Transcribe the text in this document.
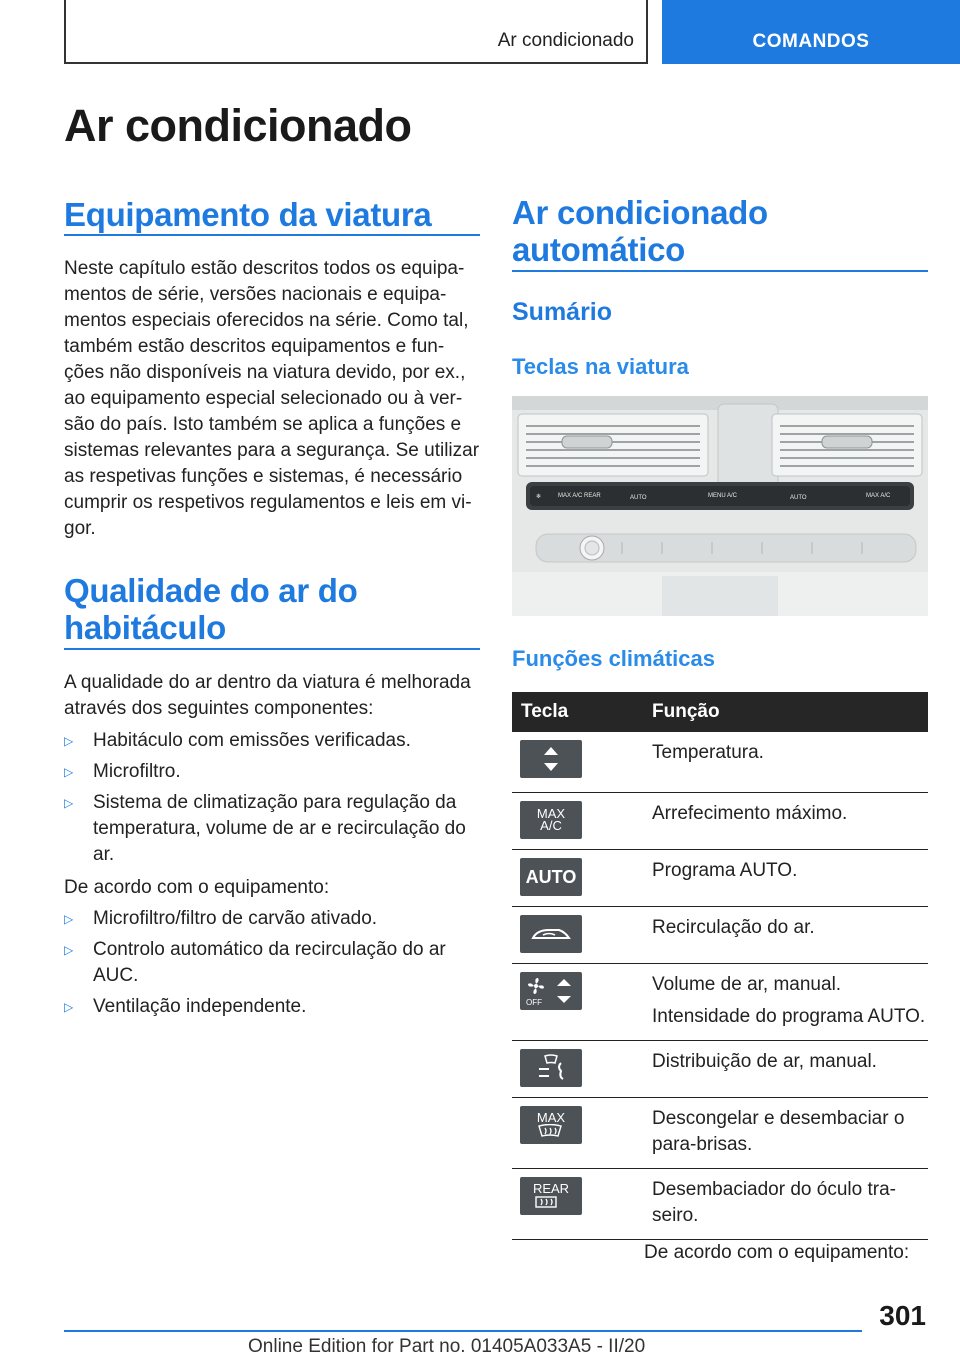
Ar condicionado	COMANDOS
Ar condicionado
Equipamento da viatura
Neste capítulo estão descritos todos os equipa-
mentos de série, versões nacionais e equipa-
mentos especiais oferecidos na série. Como tal,
também estão descritos equipamentos e fun-
ções não disponíveis na viatura devido, por ex.,
ao equipamento especial selecionado ou à ver-
são do país. Isto também se aplica a funções e
sistemas relevantes para a segurança. Se utilizar
as respetivas funções e sistemas, é necessário
cumprir os respetivos regulamentos e leis em vi-
gor.
Qualidade do ar do
habitáculo
A qualidade do ar dentro da viatura é melhorada
através dos seguintes componentes:
▷ Habitáculo com emissões verificadas.
▷ Microfiltro.
▷ Sistema de climatização para regulação da
temperatura, volume de ar e recirculação do
ar.
De acordo com o equipamento:
▷ Microfiltro/filtro de carvão ativado.
▷ Controlo automático da recirculação do ar
AUC.
▷ Ventilação independente.
Ar condicionado
automático
Sumário
Teclas na viatura
❄	MAX A/C REAR	AUTO	MENU A/C	AUTO	MAX A/C
Funções climáticas
Tecla	Função

Temperatura.

MAX
A/C	Arrefecimento máximo.

AUTO	Programa AUTO.

Recirculação do ar.

OFF	Volume de ar, manual.

Intensidade do programa AUTO.

Distribuição de ar, manual.

MAX	Descongelar e desembaciar o

para-brisas.

REAR	Desembaciador do óculo tra-

seiro.

De acordo com o equipamento:
301
Online Edition for Part no. 01405A033A5 - II/20
